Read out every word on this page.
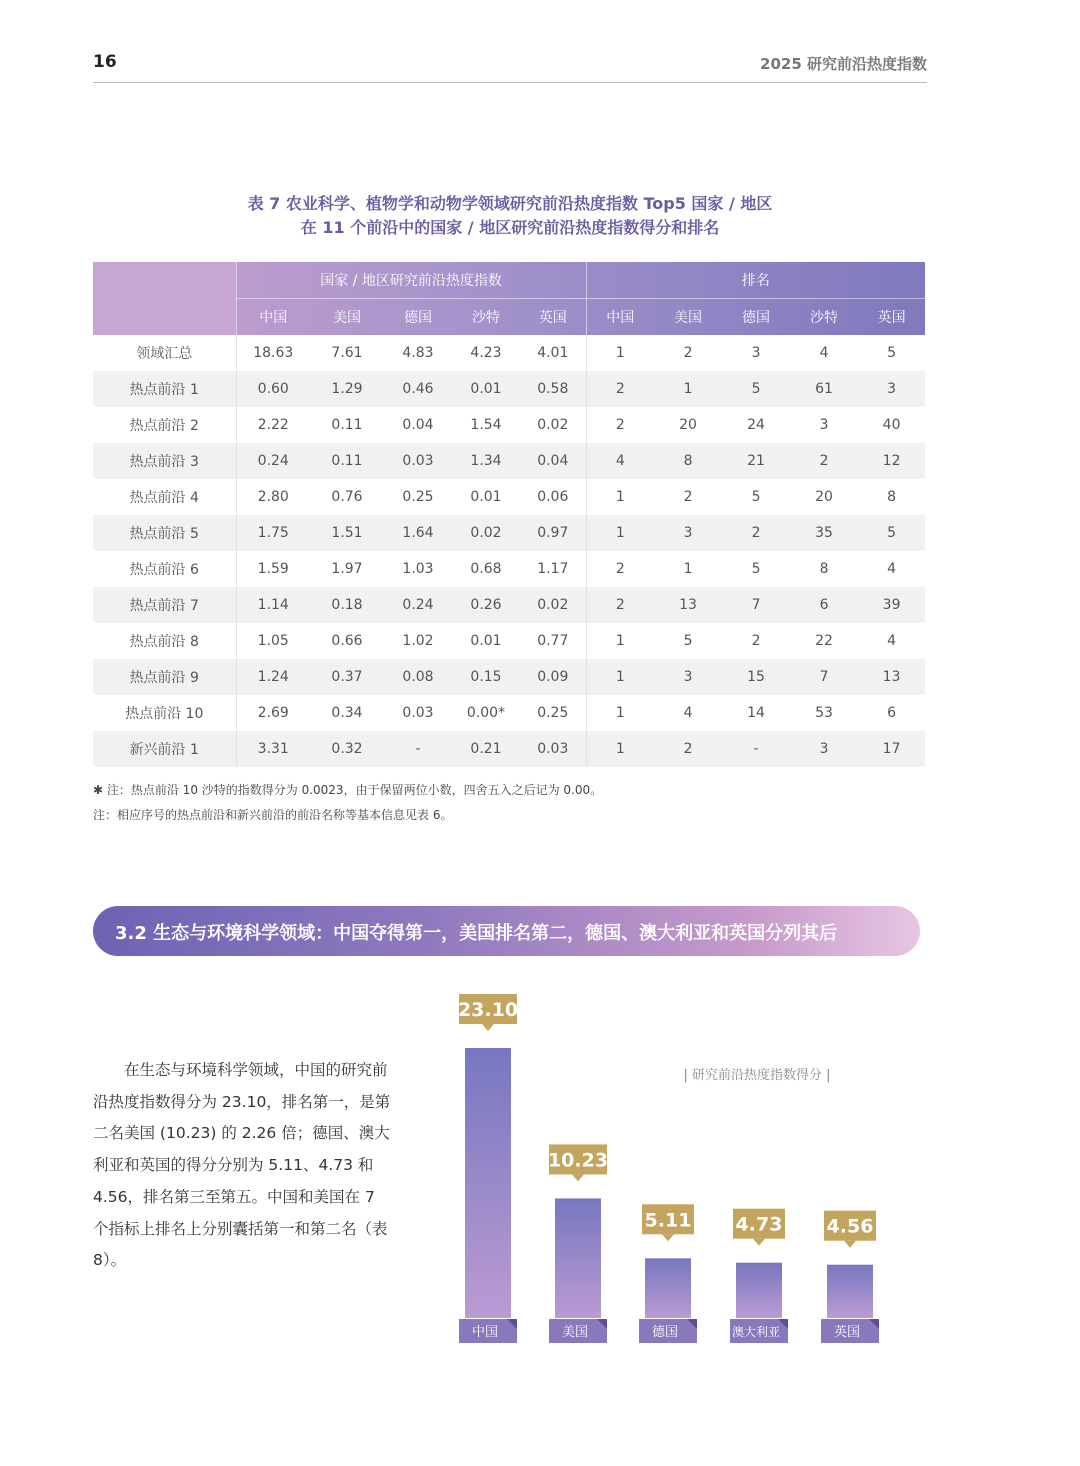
16	2025 研究前沿热度指数
表 7 农业科学、植物学和动物学领域研究前沿热度指数 Top5 国家 / 地区
在 11 个前沿中的国家 / 地区研究前沿热度指数得分和排名
	国家 / 地区研究前沿热度指数					排名				
	中国	美国	德国	沙特	英国	中国	美国	德国	沙特	英国
领域汇总	18.63	7.61	4.83	4.23	4.01	1	2	3	4	5
热点前沿 1	0.60	1.29	0.46	0.01	0.58	2	1	5	61	3
热点前沿 2	2.22	0.11	0.04	1.54	0.02	2	20	24	3	40
热点前沿 3	0.24	0.11	0.03	1.34	0.04	4	8	21	2	12
热点前沿 4	2.80	0.76	0.25	0.01	0.06	1	2	5	20	8
热点前沿 5	1.75	1.51	1.64	0.02	0.97	1	3	2	35	5
热点前沿 6	1.59	1.97	1.03	0.68	1.17	2	1	5	8	4
热点前沿 7	1.14	0.18	0.24	0.26	0.02	2	13	7	6	39
热点前沿 8	1.05	0.66	1.02	0.01	0.77	1	5	2	22	4
热点前沿 9	1.24	0.37	0.08	0.15	0.09	1	3	15	7	13
热点前沿 10	2.69	0.34	0.03	0.00*	0.25	1	4	14	53	6
新兴前沿 1	3.31	0.32	-	0.21	0.03	1	2	-	3	17
✱ 注：热点前沿 10 沙特的指数得分为 0.0023，由于保留两位小数，四舍五入之后记为 0.00。
注：相应序号的热点前沿和新兴前沿的前沿名称等基本信息见表 6。
3.2 生态与环境科学领域：中国夺得第一，美国排名第二，德国、澳大利亚和英国分列其后

在生态与环境科学领域，中国的研究前沿热度指数得分为 23.10，排名第一，是第二名美国 (10.23) 的 2.26 倍；德国、澳大利亚和英国的得分分别为 5.11、4.73 和 4.56，排名第三至第五。中国和美国在 7 个指标上排名上分别囊括第一和第二名（表 8）。

| 研究前沿热度指数得分 |
23.10
中国
10.23
美国
5.11
德国
4.73
澳大利亚
4.56
英国
